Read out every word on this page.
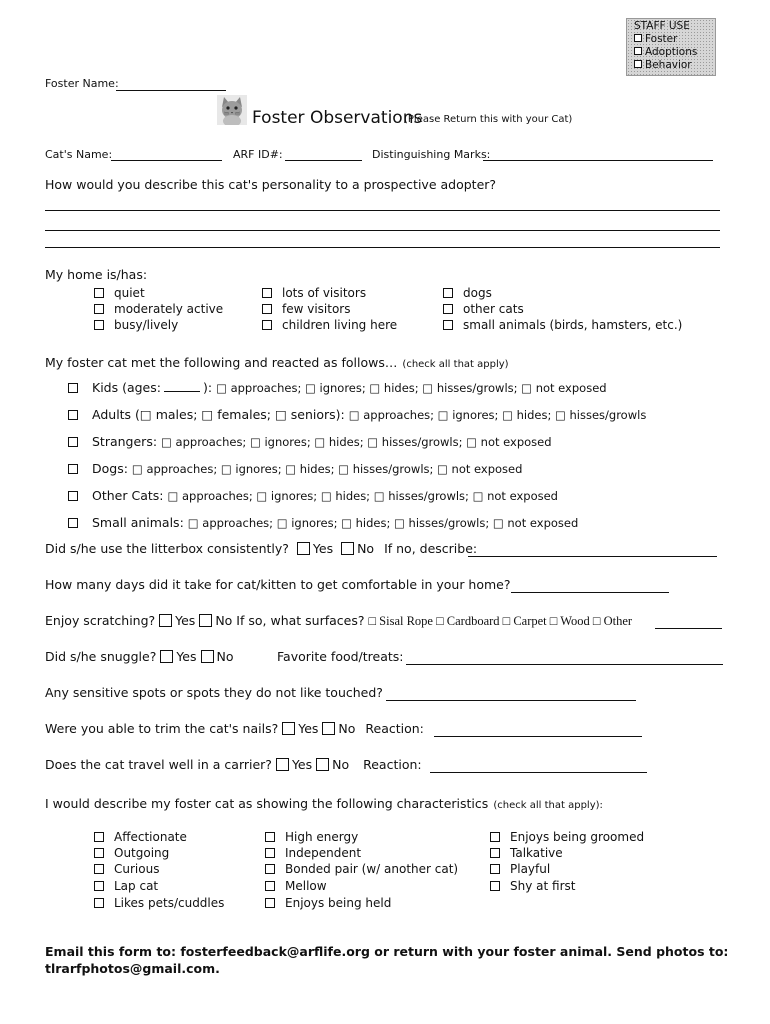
STAFF USE
Foster
Adoptions
Behavior
Foster Name:
Foster Observations
(Please Return this with your Cat)
Cat's Name:	ARF ID#:	Distinguishing Marks:
How would you describe this cat's personality to a prospective adopter?
My home is/has:
quiet
moderately active
busy/lively
lots of visitors
few visitors
children living here
dogs
other cats
small animals (birds, hamsters, etc.)
My foster cat met the following and reacted as follows… (check all that apply)
Kids (ages:	): □ approaches; □ ignores; □ hides; □ hisses/growls; □ not exposed
Adults (□ males; □ females; □ seniors): □ approaches; □ ignores; □ hides; □ hisses/growls
Strangers: □ approaches; □ ignores; □ hides; □ hisses/growls; □ not exposed
Dogs: □ approaches; □ ignores; □ hides; □ hisses/growls; □ not exposed
Other Cats: □ approaches; □ ignores; □ hides; □ hisses/growls; □ not exposed
Small animals: □ approaches; □ ignores; □ hides; □ hisses/growls; □ not exposed
Did s/he use the litterbox consistently? Yes No If no, describe:
How many days did it take for cat/kitten to get comfortable in your home?
Enjoy scratching? Yes No If so, what surfaces? □ Sisal Rope □ Cardboard □ Carpet □ Wood □ Other
Did s/he snuggle? Yes No	Favorite food/treats:
Any sensitive spots or spots they do not like touched?
Were you able to trim the cat's nails? Yes No Reaction:
Does the cat travel well in a carrier? Yes No Reaction:
I would describe my foster cat as showing the following characteristics (check all that apply):
Affectionate
Outgoing
Curious
Lap cat
Likes pets/cuddles
High energy
Independent
Bonded pair (w/ another cat)
Mellow
Enjoys being held
Enjoys being groomed
Talkative
Playful
Shy at first
Email this form to: fosterfeedback@arflife.org or return with your foster animal. Send photos to:
tlrarfphotos@gmail.com.
